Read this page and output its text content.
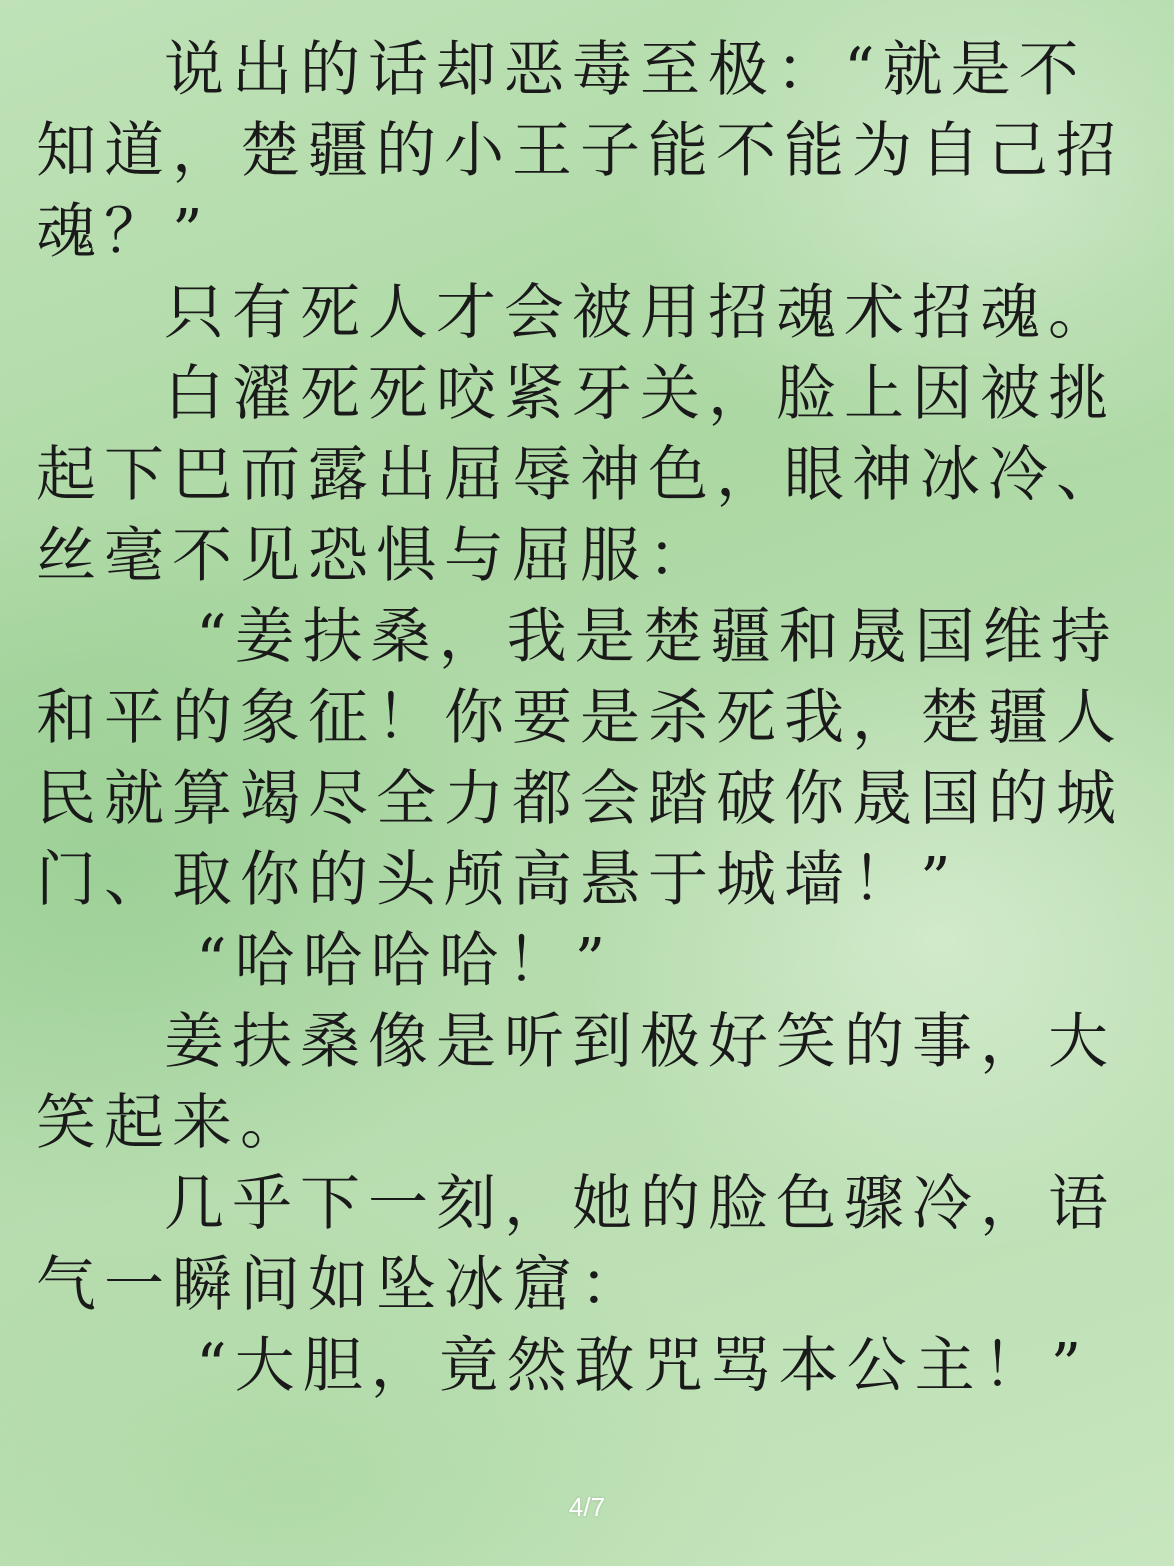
说出的话却恶毒至极：“就是不知道，楚疆的小王子能不能为自己招魂？”

只有死人才会被用招魂术招魂。

白濯死死咬紧牙关，脸上因被挑起下巴而露出屈辱神色，眼神冰冷、丝毫不见恐惧与屈服：

“姜扶桑，我是楚疆和晟国维持和平的象征！你要是杀死我，楚疆人民就算竭尽全力都会踏破你晟国的城门、取你的头颅高悬于城墙！”

“哈哈哈哈！”

姜扶桑像是听到极好笑的事，大笑起来。

几乎下一刻，她的脸色骤冷，语气一瞬间如坠冰窟：

“大胆，竟然敢咒骂本公主！”

4/7
